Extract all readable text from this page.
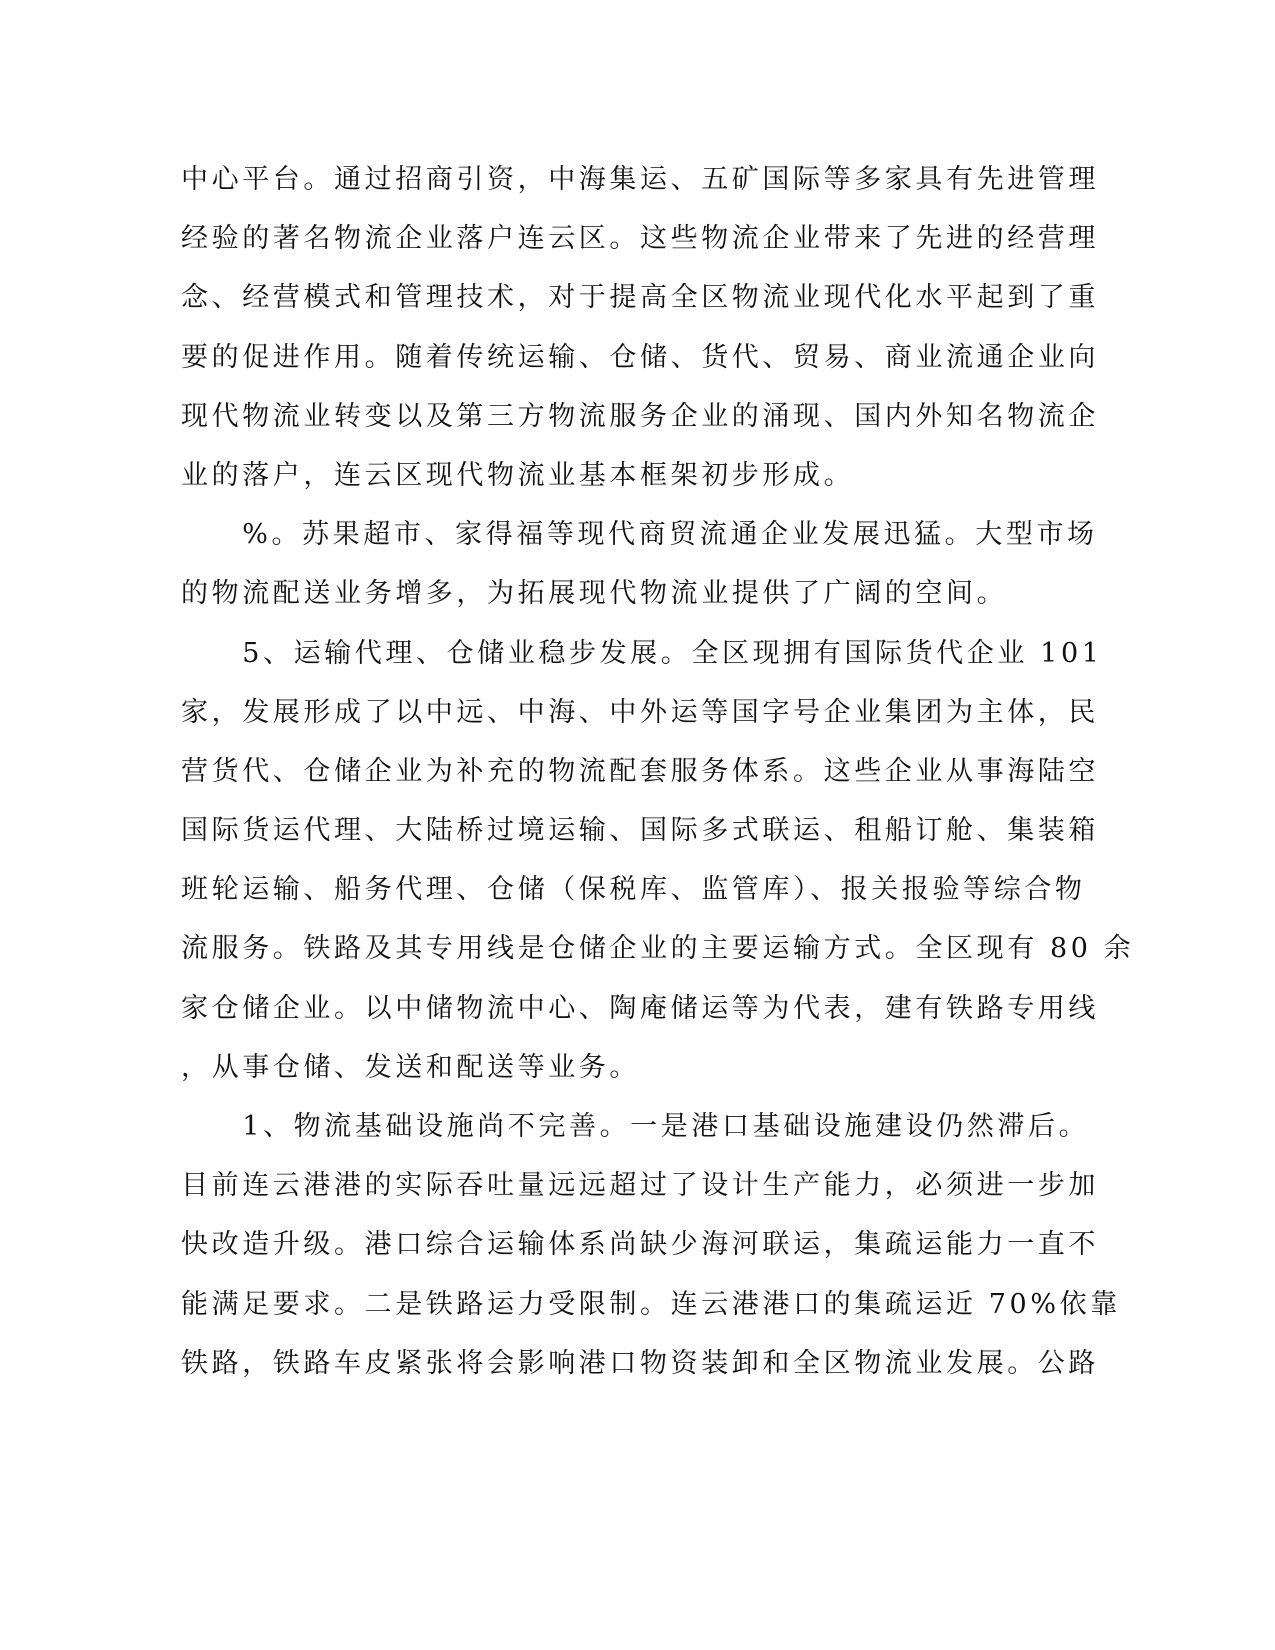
中心平台。通过招商引资，中海集运、五矿国际等多家具有先进管理
经验的著名物流企业落户连云区。这些物流企业带来了先进的经营理
念、经营模式和管理技术，对于提高全区物流业现代化水平起到了重
要的促进作用。随着传统运输、仓储、货代、贸易、商业流通企业向
现代物流业转变以及第三方物流服务企业的涌现、国内外知名物流企
业的落户，连云区现代物流业基本框架初步形成。
　　%。苏果超市、家得福等现代商贸流通企业发展迅猛。大型市场
的物流配送业务增多，为拓展现代物流业提供了广阔的空间。
　　5、运输代理、仓储业稳步发展。全区现拥有国际货代企业 101
家，发展形成了以中远、中海、中外运等国字号企业集团为主体，民
营货代、仓储企业为补充的物流配套服务体系。这些企业从事海陆空
国际货运代理、大陆桥过境运输、国际多式联运、租船订舱、集装箱
班轮运输、船务代理、仓储（保税库、监管库）、报关报验等综合物
流服务。铁路及其专用线是仓储企业的主要运输方式。全区现有 80 余
家仓储企业。以中储物流中心、陶庵储运等为代表，建有铁路专用线
，从事仓储、发送和配送等业务。
　　1、物流基础设施尚不完善。一是港口基础设施建设仍然滞后。
目前连云港港的实际吞吐量远远超过了设计生产能力，必须进一步加
快改造升级。港口综合运输体系尚缺少海河联运，集疏运能力一直不
能满足要求。二是铁路运力受限制。连云港港口的集疏运近 70%依靠
铁路，铁路车皮紧张将会影响港口物资装卸和全区物流业发展。公路
